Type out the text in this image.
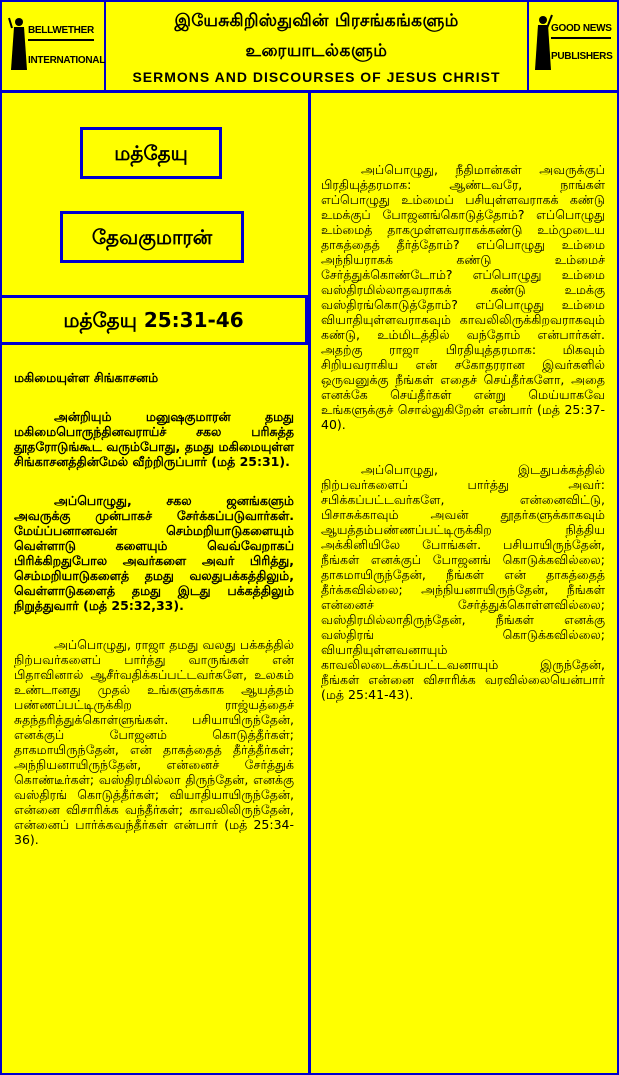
BELLWETHER
INTERNATIONAL
இயேசுகிறிஸ்துவின் பிரசங்கங்களும்
உரையாடல்களும்
SERMONS AND DISCOURSES OF JESUS CHRIST
GOOD NEWS
PUBLISHERS
மத்தேயு
தேவகுமாரன்
மத்தேயு 25:31-46

மகிமையுள்ள சிங்காசனம்

அன்றியும் மனுஷகுமாரன் தமது மகிமைபொருந்தினவராய்ச் சகல பரிசுத்த தூதரோடுங்கூட வரும்போது, தமது மகிமையுள்ள சிங்காசனத்தின்மேல் வீற்றிருப்பார் (மத் 25:31).

அப்பொழுது, சகல ஜனங்களும் அவருக்கு முன்பாகச் சேர்க்கப்படுவார்கள். மேய்ப்பனானவன் செம்மறியாடுகளையும் வெள்ளாடு களையும் வெவ்வேறாகப் பிரிக்கிறதுபோல அவர்களை அவர் பிரித்து, செம்மறியாடுகளைத் தமது வலதுபக்கத்திலும், வெள்ளாடுகளைத் தமது இடது பக்கத்திலும் நிறுத்துவார் (மத் 25:32,33).

அப்பொழுது, ராஜா தமது வலது பக்கத்தில் நிற்பவர்களைப் பார்த்து வாருங்கள் என் பிதாவினால் ஆசீர்வதிக்கப்பட்டவர்களே, உலகம் உண்டானது முதல் உங்களுக்காக ஆயத்தம் பண்ணப்பட்டிருக்கிற ராஜ்யத்தைச் சுதந்தரித்துக்கொள்ளுங்கள். பசியாயிருந்தேன், எனக்குப் போஜனம் கொடுத்தீர்கள்; தாகமாயிருந்தேன், என் தாகத்தைத் தீர்த்தீர்கள்; அந்நியனாயிருந்தேன், என்னைச் சேர்த்துக் கொண்டீர்கள்; வஸ்திரமில்லா திருந்தேன், எனக்கு வஸ்திரங் கொடுத்தீர்கள்; வியாதியாயிருந்தேன், என்னை விசாரிக்க வந்தீர்கள்; காவலிலிருந்தேன், என்னைப் பார்க்கவந்தீர்கள் என்பார் (மத் 25:34-36).

அப்பொழுது, நீதிமான்கள் அவருக்குப் பிரதியுத்தரமாக: ஆண்டவரே, நாங்கள் எப்பொழுது உம்மைப் பசியுள்ளவராகக் கண்டு உமக்குப் போஜனங்கொடுத்தோம்? எப்பொழுது உம்மைத் தாகமுள்ளவராகக்கண்டு உம்முடைய தாகத்தைத் தீர்த்தோம்? எப்பொழுது உம்மை அந்நியராகக் கண்டு உம்மைச் சேர்த்துக்கொண்டோம்? எப்பொழுது உம்மை வஸ்திரமில்லாதவராகக் கண்டு உமக்கு வஸ்திரங்கொடுத்தோம்? எப்பொழுது உம்மை வியாதியுள்ளவராகவும் காவலிலிருக்கிறவராகவும் கண்டு, உம்மிடத்தில் வந்தோம் என்பார்கள். அதற்கு ராஜா பிரதியுத்தரமாக: மிகவும் சிறியவராகிய என் சகோதரரான இவர்களில் ஒருவனுக்கு நீங்கள் எதைச் செய்தீர்களோ, அதை எனக்கே செய்தீர்கள் என்று மெய்யாகவே உங்களுக்குச் சொல்லுகிறேன் என்பார் (மத் 25:37-40).

அப்பொழுது, இடதுபக்கத்தில் நிற்பவர்களைப் பார்த்து அவர்: சபிக்கப்பட்டவர்களே, என்னைவிட்டு, பிசாசுக்காவும் அவன் தூதர்களுக்காகவும் ஆயத்தம்பண்ணப்பட்டிருக்கிற நித்திய அக்கினியிலே போங்கள். பசியாயிருந்தேன், நீங்கள் எனக்குப் போஜனங் கொடுக்கவில்லை; தாகமாயிருந்தேன், நீங்கள் என் தாகத்தைத் தீர்க்கவில்லை; அந்நியனாயிருந்தேன், நீங்கள் என்னைச் சேர்த்துக்கொள்ளவில்லை; வஸ்திரமில்லாதிருந்தேன், நீங்கள் எனக்கு வஸ்திரங் கொடுக்கவில்லை; வியாதியுள்ளவனாயும் காவலிலடைக்கப்பட்டவனாயும் இருந்தேன், நீங்கள் என்னை விசாரிக்க வரவில்லையென்பார் (மத் 25:41-43).
